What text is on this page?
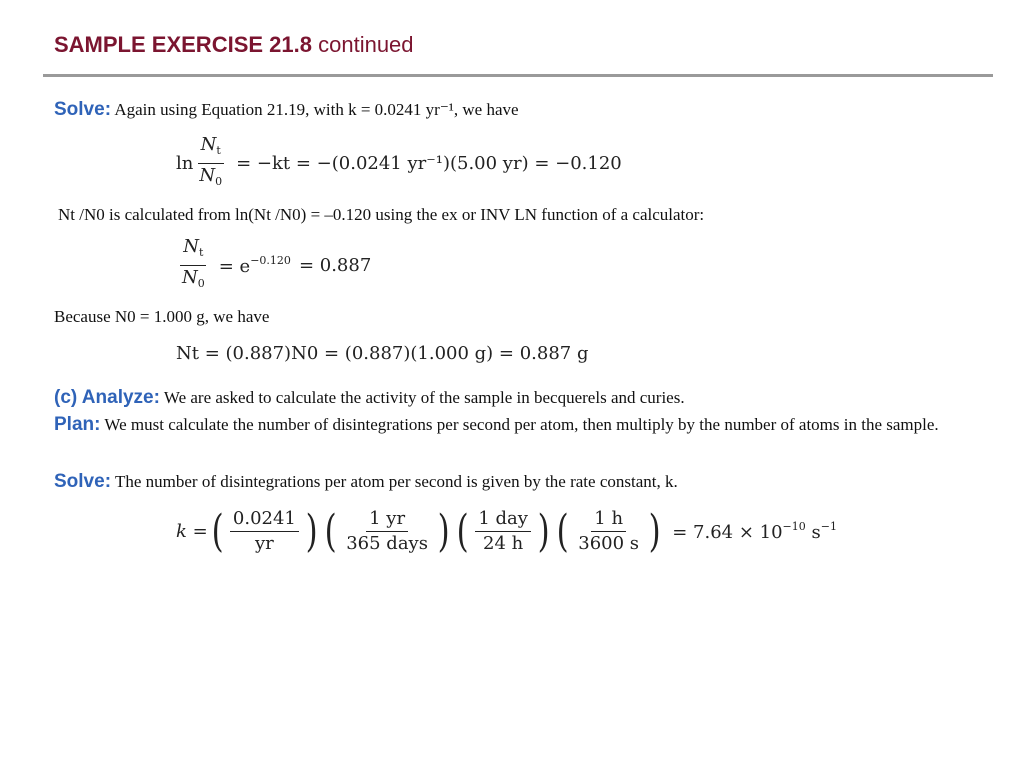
SAMPLE EXERCISE 21.8 continued
Solve: Again using Equation 21.19, with k = 0.0241 yr⁻¹, we have
$\ln \frac{N_t}{N_0} = -kt = -(0.0241$ yr⁻¹)(5.00 yr) = −0.120
Nt /N0 is calculated from ln(Nt /N0) = –0.120 using the ex or INV LN function of a calculator:
$\frac{N_t}{N_0} = e^{-0.120} = 0.887$
Because N0 = 1.000 g, we have
Nt = (0.887)N0 = (0.887)(1.000 g) = 0.887 g
(c) Analyze: We are asked to calculate the activity of the sample in becquerels and curies.
Plan: We must calculate the number of disintegrations per second per atom, then multiply by the number of atoms in the sample.
Solve: The number of disintegrations per atom per second is given by the rate constant, k.
k = ( $\frac{0.0241}{yr}$ ) ( $\frac{1 yr}{\text{365 days}}$ ) ( $\frac{\text{1 day}}{24 h}$ ) ( $\frac{1 h}{3600 s}$ ) = $7.64 \times 10^{-10}$ $s^{-1}$
